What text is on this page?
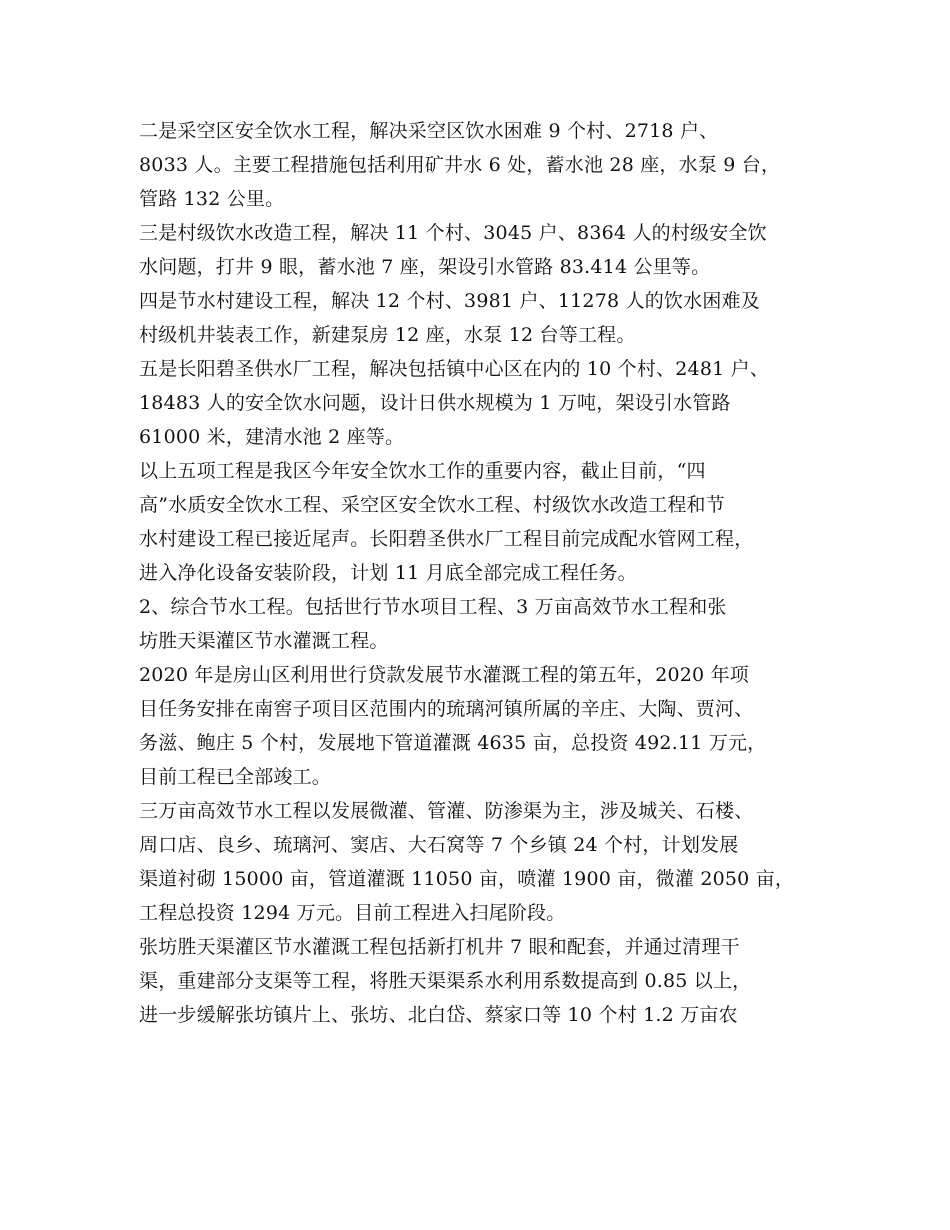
二是采空区安全饮水工程，解决采空区饮水困难 9 个村、2718 户、
8033 人。主要工程措施包括利用矿井水 6 处，蓄水池 28 座，水泵 9 台，
管路 132 公里。
三是村级饮水改造工程，解决 11 个村、3045 户、8364 人的村级安全饮
水问题，打井 9 眼，蓄水池 7 座，架设引水管路 83.414 公里等。
四是节水村建设工程，解决 12 个村、3981 户、11278 人的饮水困难及
村级机井装表工作，新建泵房 12 座，水泵 12 台等工程。
五是长阳碧圣供水厂工程，解决包括镇中心区在内的 10 个村、2481 户、
18483 人的安全饮水问题，设计日供水规模为 1 万吨，架设引水管路
61000 米，建清水池 2 座等。
以上五项工程是我区今年安全饮水工作的重要内容，截止目前，“四
高”水质安全饮水工程、采空区安全饮水工程、村级饮水改造工程和节
水村建设工程已接近尾声。长阳碧圣供水厂工程目前完成配水管网工程，
进入净化设备安装阶段，计划 11 月底全部完成工程任务。
2、综合节水工程。包括世行节水项目工程、3 万亩高效节水工程和张
坊胜天渠灌区节水灌溉工程。
2020 年是房山区利用世行贷款发展节水灌溉工程的第五年，2020 年项
目任务安排在南窖子项目区范围内的琉璃河镇所属的辛庄、大陶、贾河、
务滋、鲍庄 5 个村，发展地下管道灌溉 4635 亩，总投资 492.11 万元，
目前工程已全部竣工。
三万亩高效节水工程以发展微灌、管灌、防渗渠为主，涉及城关、石楼、
周口店、良乡、琉璃河、窦店、大石窝等 7 个乡镇 24 个村，计划发展
渠道衬砌 15000 亩，管道灌溉 11050 亩，喷灌 1900 亩，微灌 2050 亩，
工程总投资 1294 万元。目前工程进入扫尾阶段。
张坊胜天渠灌区节水灌溉工程包括新打机井 7 眼和配套，并通过清理干
渠，重建部分支渠等工程，将胜天渠渠系水利用系数提高到 0.85 以上，
进一步缓解张坊镇片上、张坊、北白岱、蔡家口等 10 个村 1.2 万亩农
